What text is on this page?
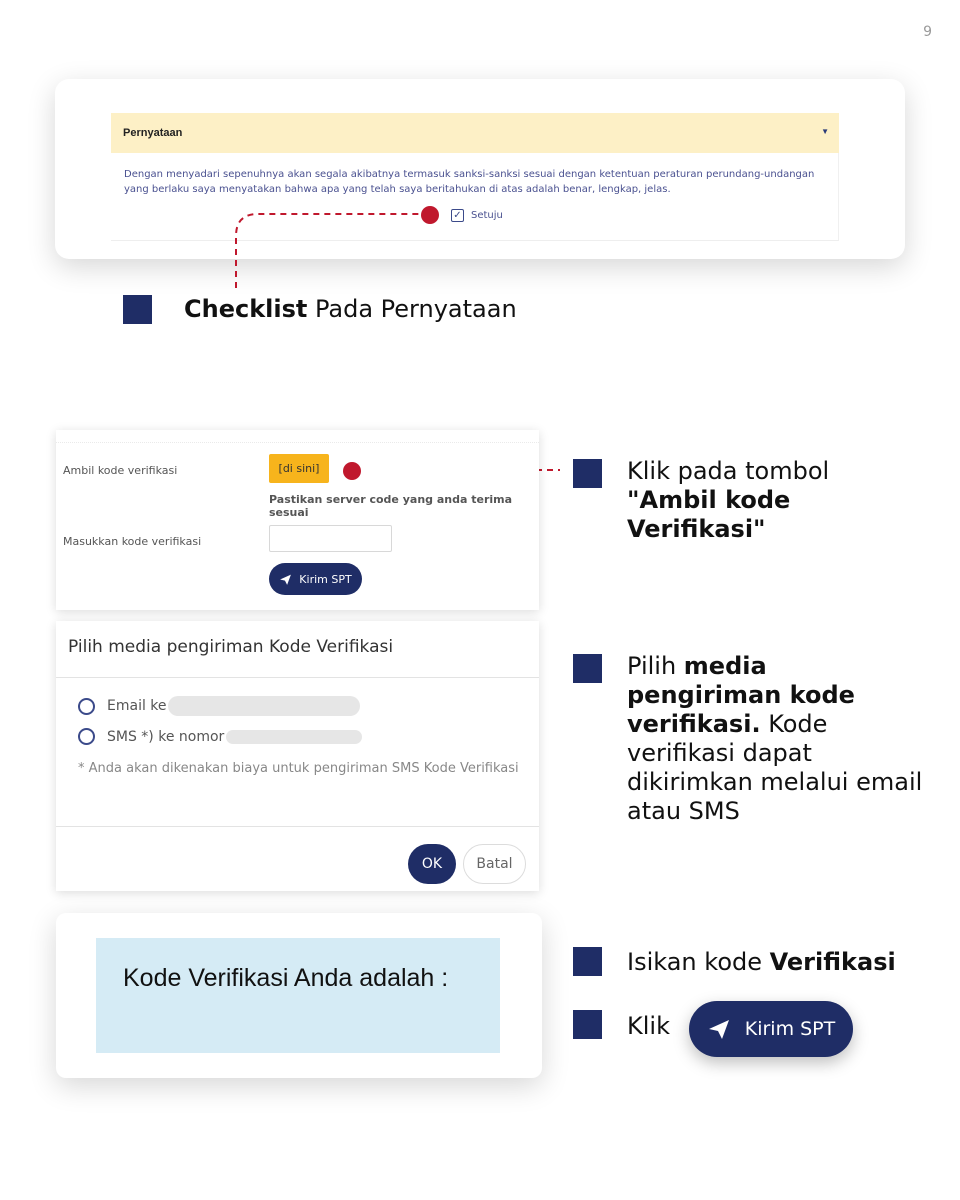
9
Pernyataan	▼
Dengan menyadari sepenuhnya akan segala akibatnya termasuk sanksi-sanksi sesuai dengan ketentuan peraturan perundang-undangan yang berlaku saya menyatakan bahwa apa yang telah saya beritahukan di atas adalah benar, lengkap, jelas.
✓ Setuju
Checklist Pada Pernyataan
Ambil kode verifikasi	[di sini]
Pastikan server code yang anda terima sesuai
Masukkan kode verifikasi
Kirim SPT
Klik pada tombol
"Ambil kode Verifikasi"
Pilih media pengiriman Kode Verifikasi
Email ke
SMS *) ke nomor
* Anda akan dikenakan biaya untuk pengiriman SMS Kode Verifikasi
OK	Batal
Pilih media pengiriman kode verifikasi. Kode verifikasi dapat dikirimkan melalui email atau SMS
Kode Verifikasi Anda adalah :
Isikan kode Verifikasi
Klik	Kirim SPT
